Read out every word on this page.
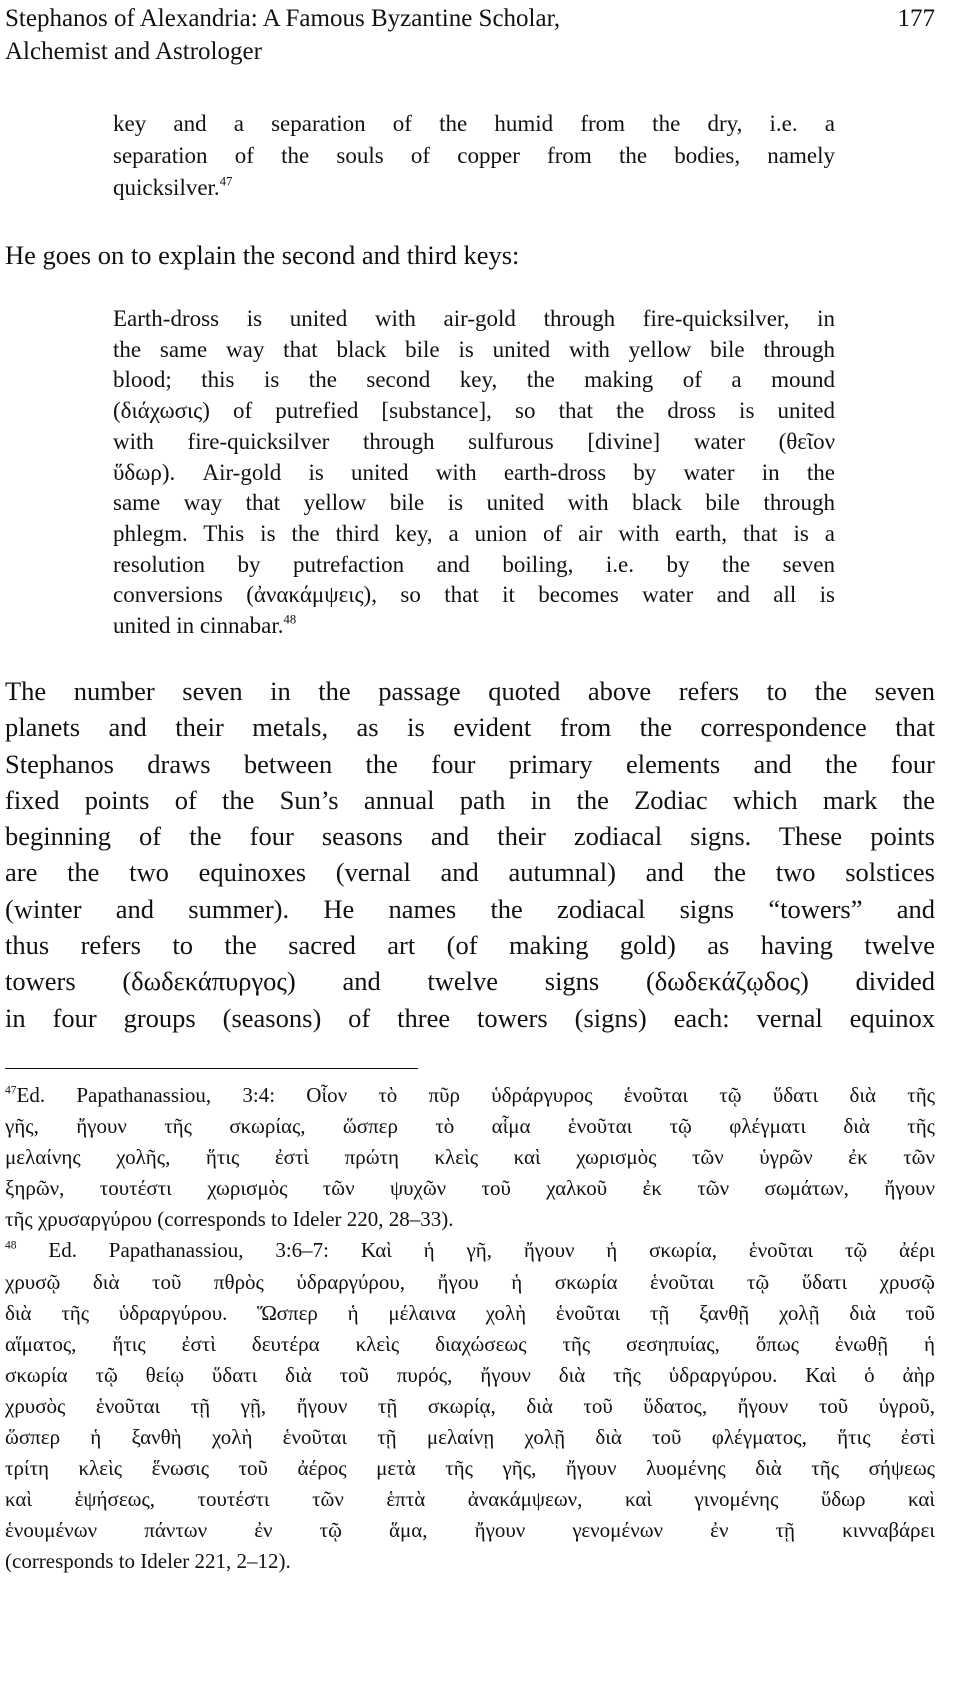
Stephanos of Alexandria: A Famous Byzantine Scholar,
Alchemist and Astrologer
177
key and a separation of the humid from the dry, i.e. a
separation of the souls of copper from the bodies, namely
quicksilver.$^{47}$
He goes on to explain the second and third keys:
Earth-dross is united with air-gold through fire-quicksilver, in
the same way that black bile is united with yellow bile through
blood; this is the second key, the making of a mound
(διάχωσις) of putrefied [substance], so that the dross is united
with fire-quicksilver through sulfurous [divine] water (θεῖον
ὕδωρ). Air-gold is united with earth-dross by water in the
same way that yellow bile is united with black bile through
phlegm. This is the third key, a union of air with earth, that is a
resolution by putrefaction and boiling, i.e. by the seven
conversions (ἀνακάμψεις), so that it becomes water and all is
united in cinnabar.$^{48}$
The number seven in the passage quoted above refers to the seven
planets and their metals, as is evident from the correspondence that
Stephanos draws between the four primary elements and the four
fixed points of the Sun’s annual path in the Zodiac which mark the
beginning of the four seasons and their zodiacal signs. These points
are the two equinoxes (vernal and autumnal) and the two solstices
(winter and summer). He names the zodiacal signs “towers” and
thus refers to the sacred art (of making gold) as having twelve
towers (δωδεκάπυργος) and twelve signs (δωδεκάζῳδος) divided
in four groups (seasons) of three towers (signs) each: vernal equinox
$^{47}$Ed. Papathanassiou, 3:4: Οἷον τὸ πῦρ ὑδράργυρος ἑνοῦται τῷ ὕδατι διὰ τῆς
γῆς, ἤγουν τῆς σκωρίας, ὥσπερ τὸ αἷμα ἑνοῦται τῷ φλέγματι διὰ τῆς
μελαίνης χολῆς, ἥτις ἐστὶ πρώτη κλεὶς καὶ χωρισμὸς τῶν ὑγρῶν ἐκ τῶν
ξηρῶν, τουτέστι χωρισμὸς τῶν ψυχῶν τοῦ χαλκοῦ ἐκ τῶν σωμάτων, ἤγουν
τῆς χρυσαργύρου (corresponds to Ideler 220, 28–33).
$^{48}$ Ed. Papathanassiou, 3:6–7: Καὶ ἡ γῆ, ἤγουν ἡ σκωρία, ἑνοῦται τῷ ἀέρι
χρυσῷ διὰ τοῦ πθρὸς ὑδραργύρου, ἤγου ἡ σκωρία ἑνοῦται τῷ ὕδατι χρυσῷ
διὰ τῆς ὑδραργύρου. Ὥσπερ ἡ μέλαινα χολὴ ἑνοῦται τῇ ξανθῇ χολῇ διὰ τοῦ
αἵματος, ἥτις ἐστὶ δευτέρα κλεὶς διαχώσεως τῆς σεσηπυίας, ὅπως ἑνωθῇ ἡ
σκωρία τῷ θείῳ ὕδατι διὰ τοῦ πυρός, ἤγουν διὰ τῆς ὑδραργύρου. Καὶ ὁ ἀὴρ
χρυσὸς ἑνοῦται τῇ γῇ, ἤγουν τῇ σκωρίᾳ, διὰ τοῦ ὕδατος, ἤγουν τοῦ ὑγροῦ,
ὥσπερ ἡ ξανθὴ χολὴ ἑνοῦται τῇ μελαίνῃ χολῇ διὰ τοῦ φλέγματος, ἥτις ἐστὶ
τρίτη κλεὶς ἕνωσις τοῦ ἀέρος μετὰ τῆς γῆς, ἤγουν λυομένης διὰ τῆς σήψεως
καὶ ἑψήσεως, τουτέστι τῶν ἑπτὰ ἀνακάμψεων, καὶ γινομένης ὕδωρ καὶ
ἑνουμένων πάντων ἐν τῷ ἅμα, ἤγουν γενομένων ἐν τῇ κινναβάρει
(corresponds to Ideler 221, 2–12).
